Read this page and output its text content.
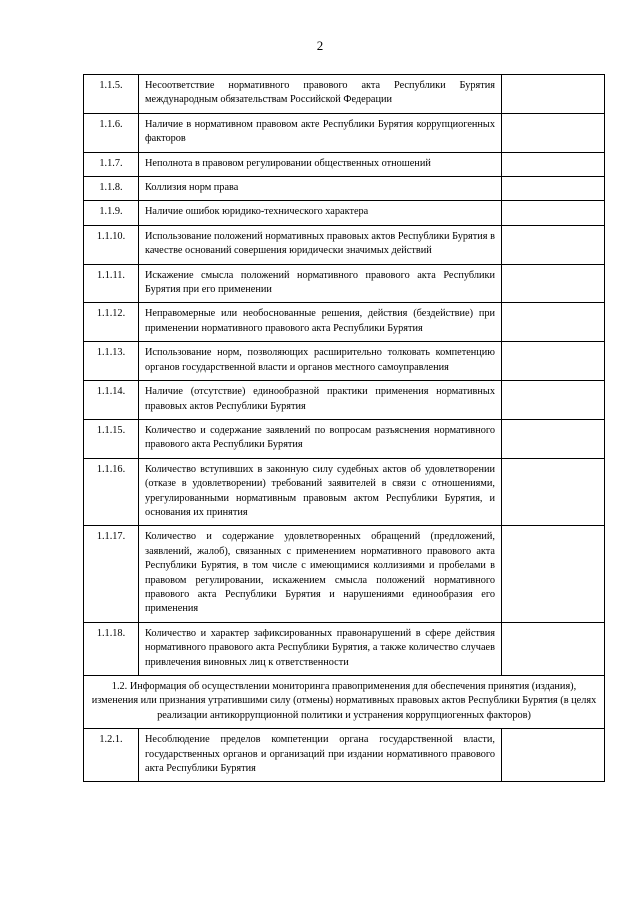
2
1.1.5.	Несоответствие нормативного правового акта Республики Бурятия международным обязательствам Российской Федерации	
1.1.6.	Наличие в нормативном правовом акте Республики Бурятия коррупциогенных факторов	
1.1.7.	Неполнота в правовом регулировании общественных отношений	
1.1.8.	Коллизия норм права	
1.1.9.	Наличие ошибок юридико-технического характера	
1.1.10.	Использование положений нормативных правовых актов Республики Бурятия в качестве оснований совершения юридически значимых действий	
1.1.11.	Искажение смысла положений нормативного правового акта Республики Бурятия при его применении	
1.1.12.	Неправомерные или необоснованные решения, действия (бездействие) при применении нормативного правового акта Республики Бурятия	
1.1.13.	Использование норм, позволяющих расширительно толковать компетенцию органов государственной власти и органов местного самоуправления	
1.1.14.	Наличие (отсутствие) единообразной практики применения нормативных правовых актов Республики Бурятия	
1.1.15.	Количество и содержание заявлений по вопросам разъяснения нормативного правового акта Республики Бурятия	
1.1.16.	Количество вступивших в законную силу судебных актов об удовлетворении (отказе в удовлетворении) требований заявителей в связи с отношениями, урегулированными нормативным правовым актом Республики Бурятия, и основания их принятия	
1.1.17.	Количество и содержание удовлетворенных обращений (предложений, заявлений, жалоб), связанных с применением нормативного правового акта Республики Бурятия, в том числе с имеющимися коллизиями и пробелами в правовом регулировании, искажением смысла положений нормативного правового акта Республики Бурятия и нарушениями единообразия его применения	
1.1.18.	Количество и характер зафиксированных правонарушений в сфере действия нормативного правового акта Республики Бурятия, а также количество случаев привлечения виновных лиц к ответственности	
1.2. Информация об осуществлении мониторинга правоприменения для обеспечения принятия (издания), изменения или признания утратившими силу (отмены) нормативных правовых актов Республики Бурятия (в целях реализации антикоррупционной политики и устранения коррупциогенных факторов)		
1.2.1.	Несоблюдение пределов компетенции органа государственной власти, государственных органов и организаций при издании нормативного правового акта Республики Бурятия	
